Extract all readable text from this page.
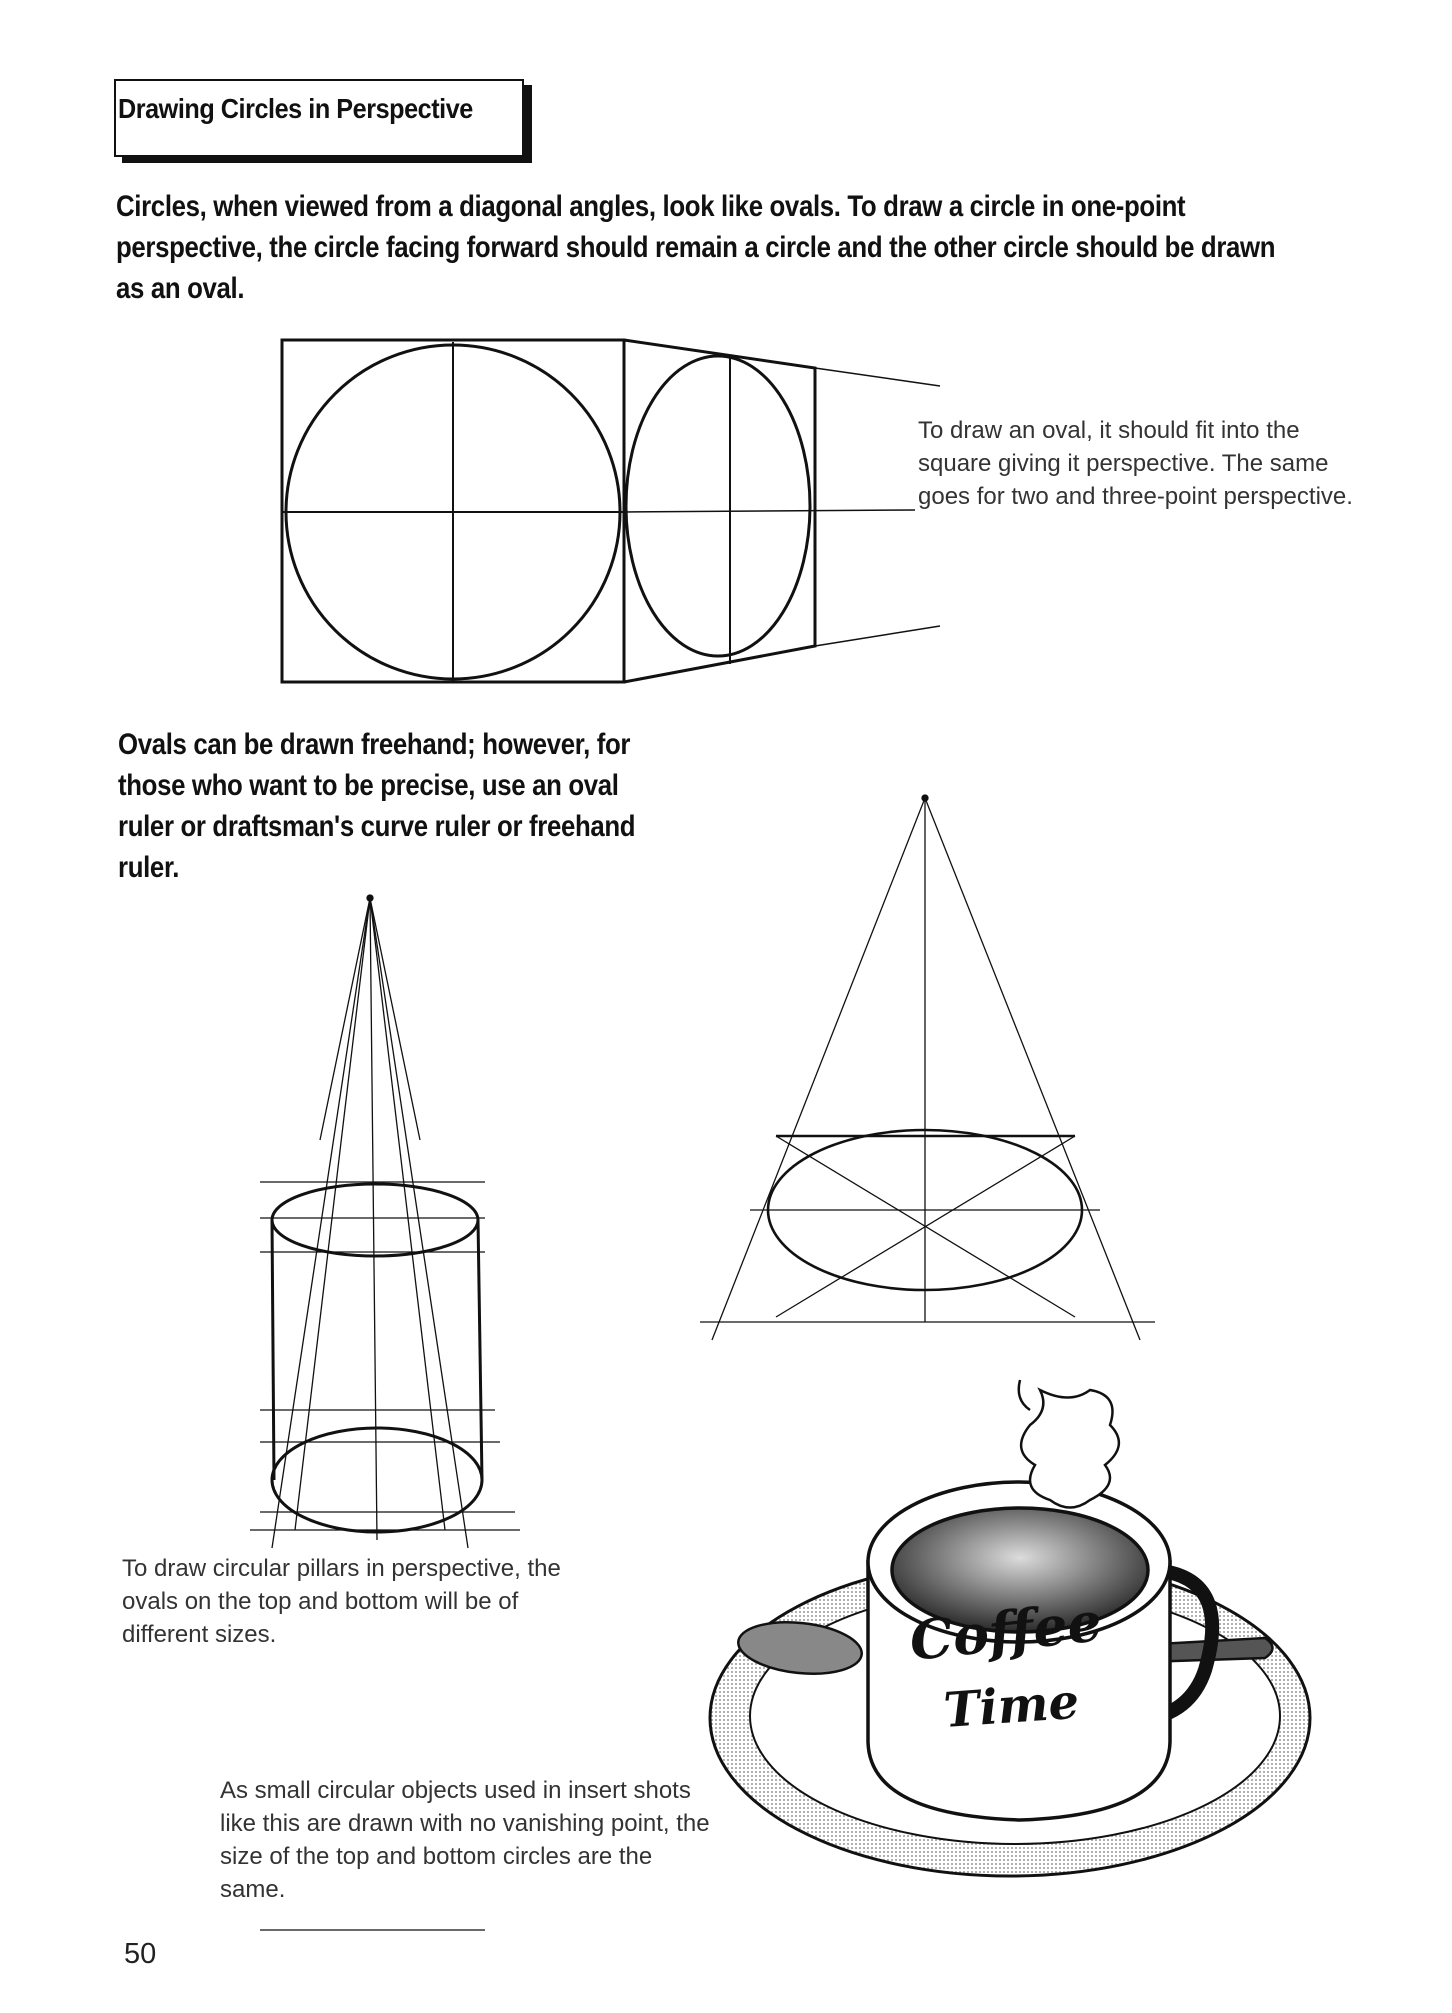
Drawing Circles in Perspective
Circles, when viewed from a diagonal angles, look like ovals. To draw a circle in one-point perspective, the circle facing forward should remain a circle and the other circle should be drawn as an oval.
To draw an oval, it should fit into the square giving it perspective. The same goes for two and three-point perspective.
Ovals can be drawn freehand; however, for those who want to be precise, use an oval ruler or draftsman's curve ruler or freehand ruler.
To draw circular pillars in perspective, the ovals on the top and bottom will be of different sizes.	Coffee
Time
As small circular objects used in insert shots like this are drawn with no vanishing point, the size of the top and bottom circles are the same.
50
